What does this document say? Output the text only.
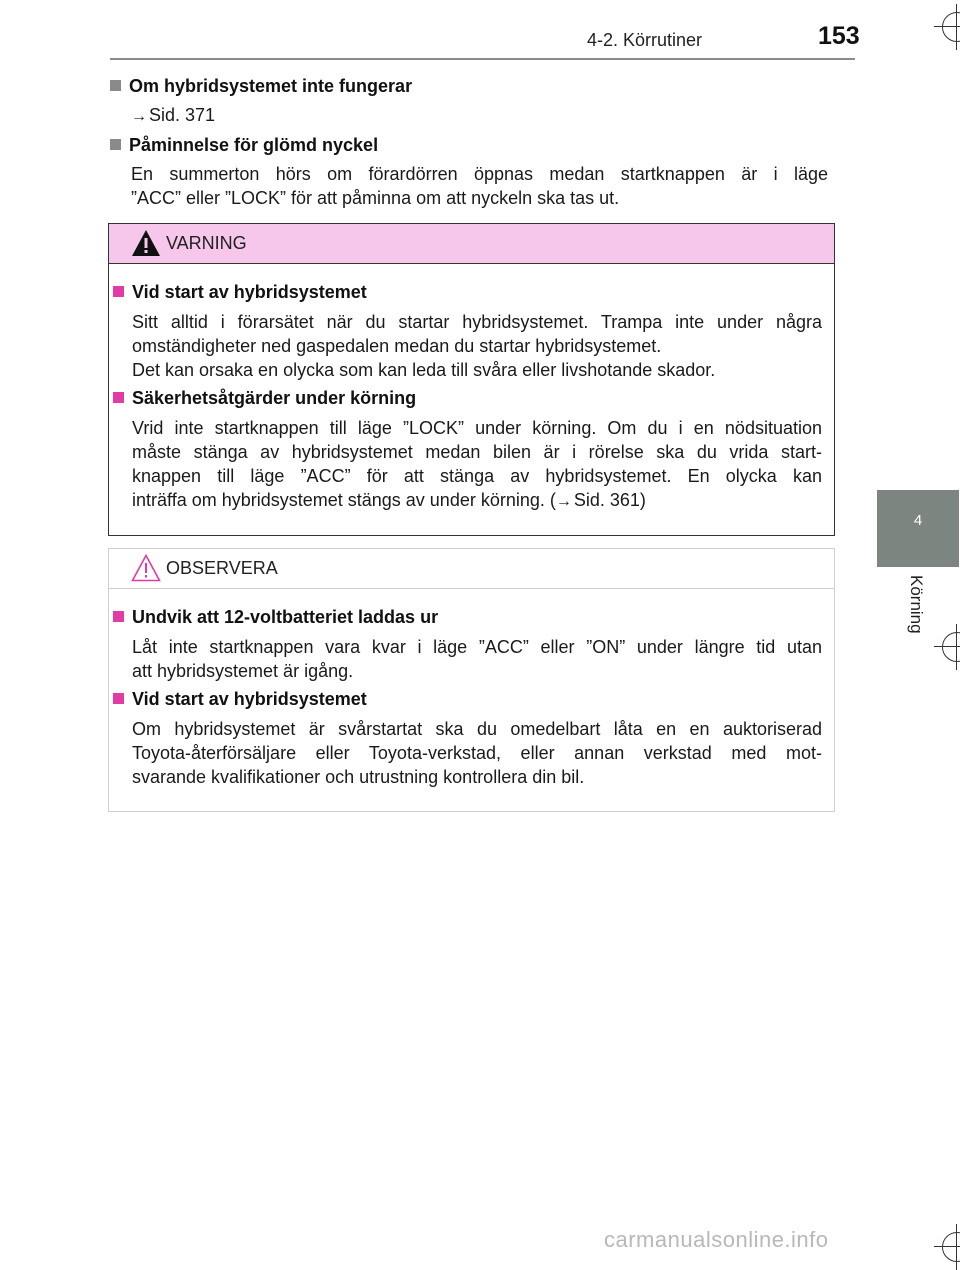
4-2. Körrutiner	153
4
Körning
Om hybridsystemet inte fungerar
→ Sid. 371
Påminnelse för glömd nyckel
En summerton hörs om förardörren öppnas medan startknappen är i läge
”ACC” eller ”LOCK” för att påminna om att nyckeln ska tas ut.
VARNING
Vid start av hybridsystemet
Sitt alltid i förarsätet när du startar hybridsystemet. Trampa inte under några
omständigheter ned gaspedalen medan du startar hybridsystemet.
Det kan orsaka en olycka som kan leda till svåra eller livshotande skador.
Säkerhetsåtgärder under körning
Vrid inte startknappen till läge ”LOCK” under körning. Om du i en nödsituation
måste stänga av hybridsystemet medan bilen är i rörelse ska du vrida start-
knappen till läge ”ACC” för att stänga av hybridsystemet. En olycka kan
inträffa om hybridsystemet stängs av under körning. (→ Sid. 361)
OBSERVERA
Undvik att 12-voltbatteriet laddas ur
Låt inte startknappen vara kvar i läge ”ACC” eller ”ON” under längre tid utan
att hybridsystemet är igång.
Vid start av hybridsystemet
Om hybridsystemet är svårstartat ska du omedelbart låta en en auktoriserad
Toyota-återförsäljare eller Toyota-verkstad, eller annan verkstad med mot-
svarande kvalifikationer och utrustning kontrollera din bil.
carmanualsonline.info
